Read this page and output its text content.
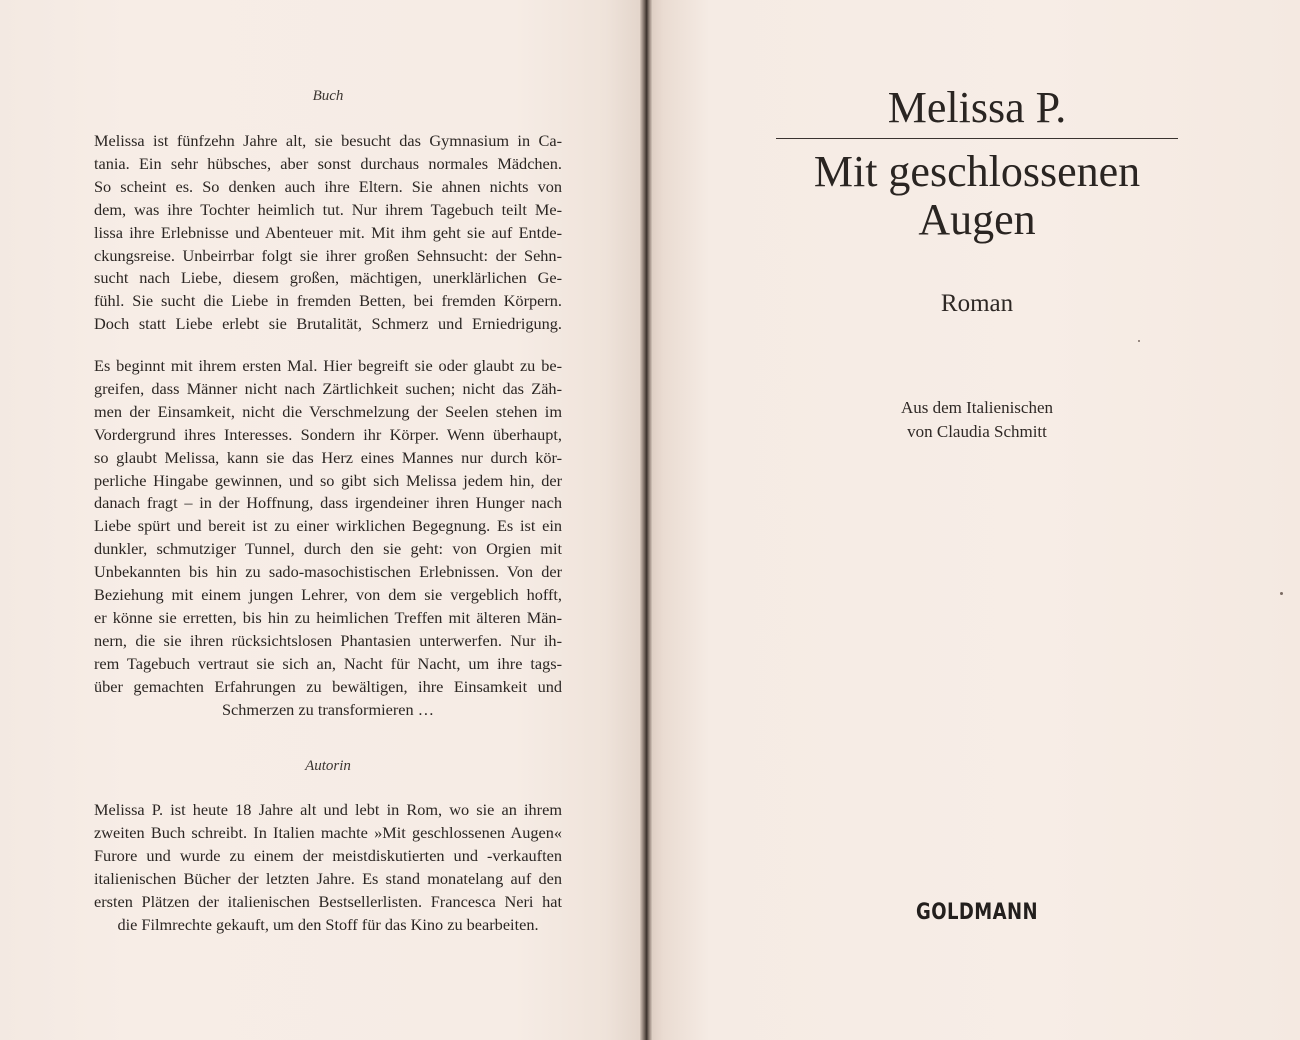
Buch

Melissa ist fünfzehn Jahre alt, sie besucht das Gymnasium in Ca-
tania. Ein sehr hübsches, aber sonst durchaus normales Mädchen.
So scheint es. So denken auch ihre Eltern. Sie ahnen nichts von
dem, was ihre Tochter heimlich tut. Nur ihrem Tagebuch teilt Me-
lissa ihre Erlebnisse und Abenteuer mit. Mit ihm geht sie auf Entde-
ckungsreise. Unbeirrbar folgt sie ihrer großen Sehnsucht: der Sehn-
sucht nach Liebe, diesem großen, mächtigen, unerklärlichen Ge-
fühl. Sie sucht die Liebe in fremden Betten, bei fremden Körpern.
Doch statt Liebe erlebt sie Brutalität, Schmerz und Erniedrigung.
Es beginnt mit ihrem ersten Mal. Hier begreift sie oder glaubt zu be-
greifen, dass Männer nicht nach Zärtlichkeit suchen; nicht das Zäh-
men der Einsamkeit, nicht die Verschmelzung der Seelen stehen im
Vordergrund ihres Interesses. Sondern ihr Körper. Wenn überhaupt,
so glaubt Melissa, kann sie das Herz eines Mannes nur durch kör-
perliche Hingabe gewinnen, und so gibt sich Melissa jedem hin, der
danach fragt – in der Hoffnung, dass irgendeiner ihren Hunger nach
Liebe spürt und bereit ist zu einer wirklichen Begegnung. Es ist ein
dunkler, schmutziger Tunnel, durch den sie geht: von Orgien mit
Unbekannten bis hin zu sado-masochistischen Erlebnissen. Von der
Beziehung mit einem jungen Lehrer, von dem sie vergeblich hofft,
er könne sie erretten, bis hin zu heimlichen Treffen mit älteren Män-
nern, die sie ihren rücksichtslosen Phantasien unterwerfen. Nur ih-
rem Tagebuch vertraut sie sich an, Nacht für Nacht, um ihre tags-
über gemachten Erfahrungen zu bewältigen, ihre Einsamkeit und
Schmerzen zu transformieren …

Autorin

Melissa P. ist heute 18 Jahre alt und lebt in Rom, wo sie an ihrem
zweiten Buch schreibt. In Italien machte »Mit geschlossenen Augen«
Furore und wurde zu einem der meistdiskutierten und -verkauften
italienischen Bücher der letzten Jahre. Es stand monatelang auf den
ersten Plätzen der italienischen Bestsellerlisten. Francesca Neri hat
die Filmrechte gekauft, um den Stoff für das Kino zu bearbeiten.

Melissa P.

Mit geschlossenen
Augen

Roman

Aus dem Italienischen
von Claudia Schmitt

GOLDMANN
